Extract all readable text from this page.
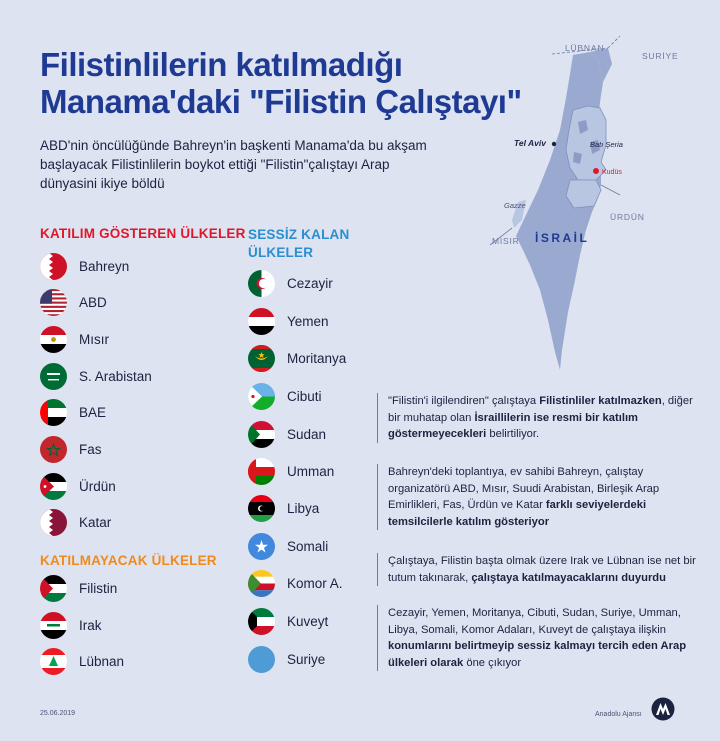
Filistinlilerin katılmadığı
Manama'daki "Filistin Çalıştayı"

ABD'nin öncülüğünde Bahreyn'in başkenti Manama'da bu akşam başlayacak Filistinlilerin boykot ettiği "Filistin"çalıştayı Arap dünyasini ikiye böldü

LÜBNAN
SURİYE
Tel Aviv	Batı Şeria
Kudüs
Gazze
ÜRDÜN
MISIR İSRAİL
KATILIM GÖSTEREN ÜLKELER
Bahreyn
ABD
Mısır
S. Arabistan
BAE
Fas
Ürdün
Katar
KATILMAYACAK ÜLKELER
Filistin
Irak
Lübnan
SESSİZ KALAN
ÜLKELER
Cezayir
Yemen
Moritanya
Cibuti
Sudan
Umman
Libya
Somali
Komor A.
Kuveyt
Suriye
"Filistin'i ilgilendiren" çalıştaya Filistinliler katılmazken, diğer bir muhatap olan İsraillilerin ise resmi bir katılım göstermeyecekleri belirtiliyor.
Bahreyn'deki toplantıya, ev sahibi Bahreyn, çalıştay organizatörü ABD, Mısır, Suudi Arabistan, Birleşik Arap Emirlikleri, Fas, Ürdün ve Katar farklı seviyelerdeki temsilcilerle katılım gösteriyor
Çalıştaya, Filistin başta olmak üzere Irak ve Lübnan ise net bir tutum takınarak, çalıştaya katılmayacaklarını duyurdu
Cezayir, Yemen, Moritanya, Cibuti, Sudan, Suriye, Umman, Libya, Somali, Komor Adaları, Kuveyt de çalıştaya ilişkin konumlarını belirtmeyip sessiz kalmayı tercih eden Arap ülkeleri olarak öne çıkıyor
25.06.2019	Anadolu Ajansı
